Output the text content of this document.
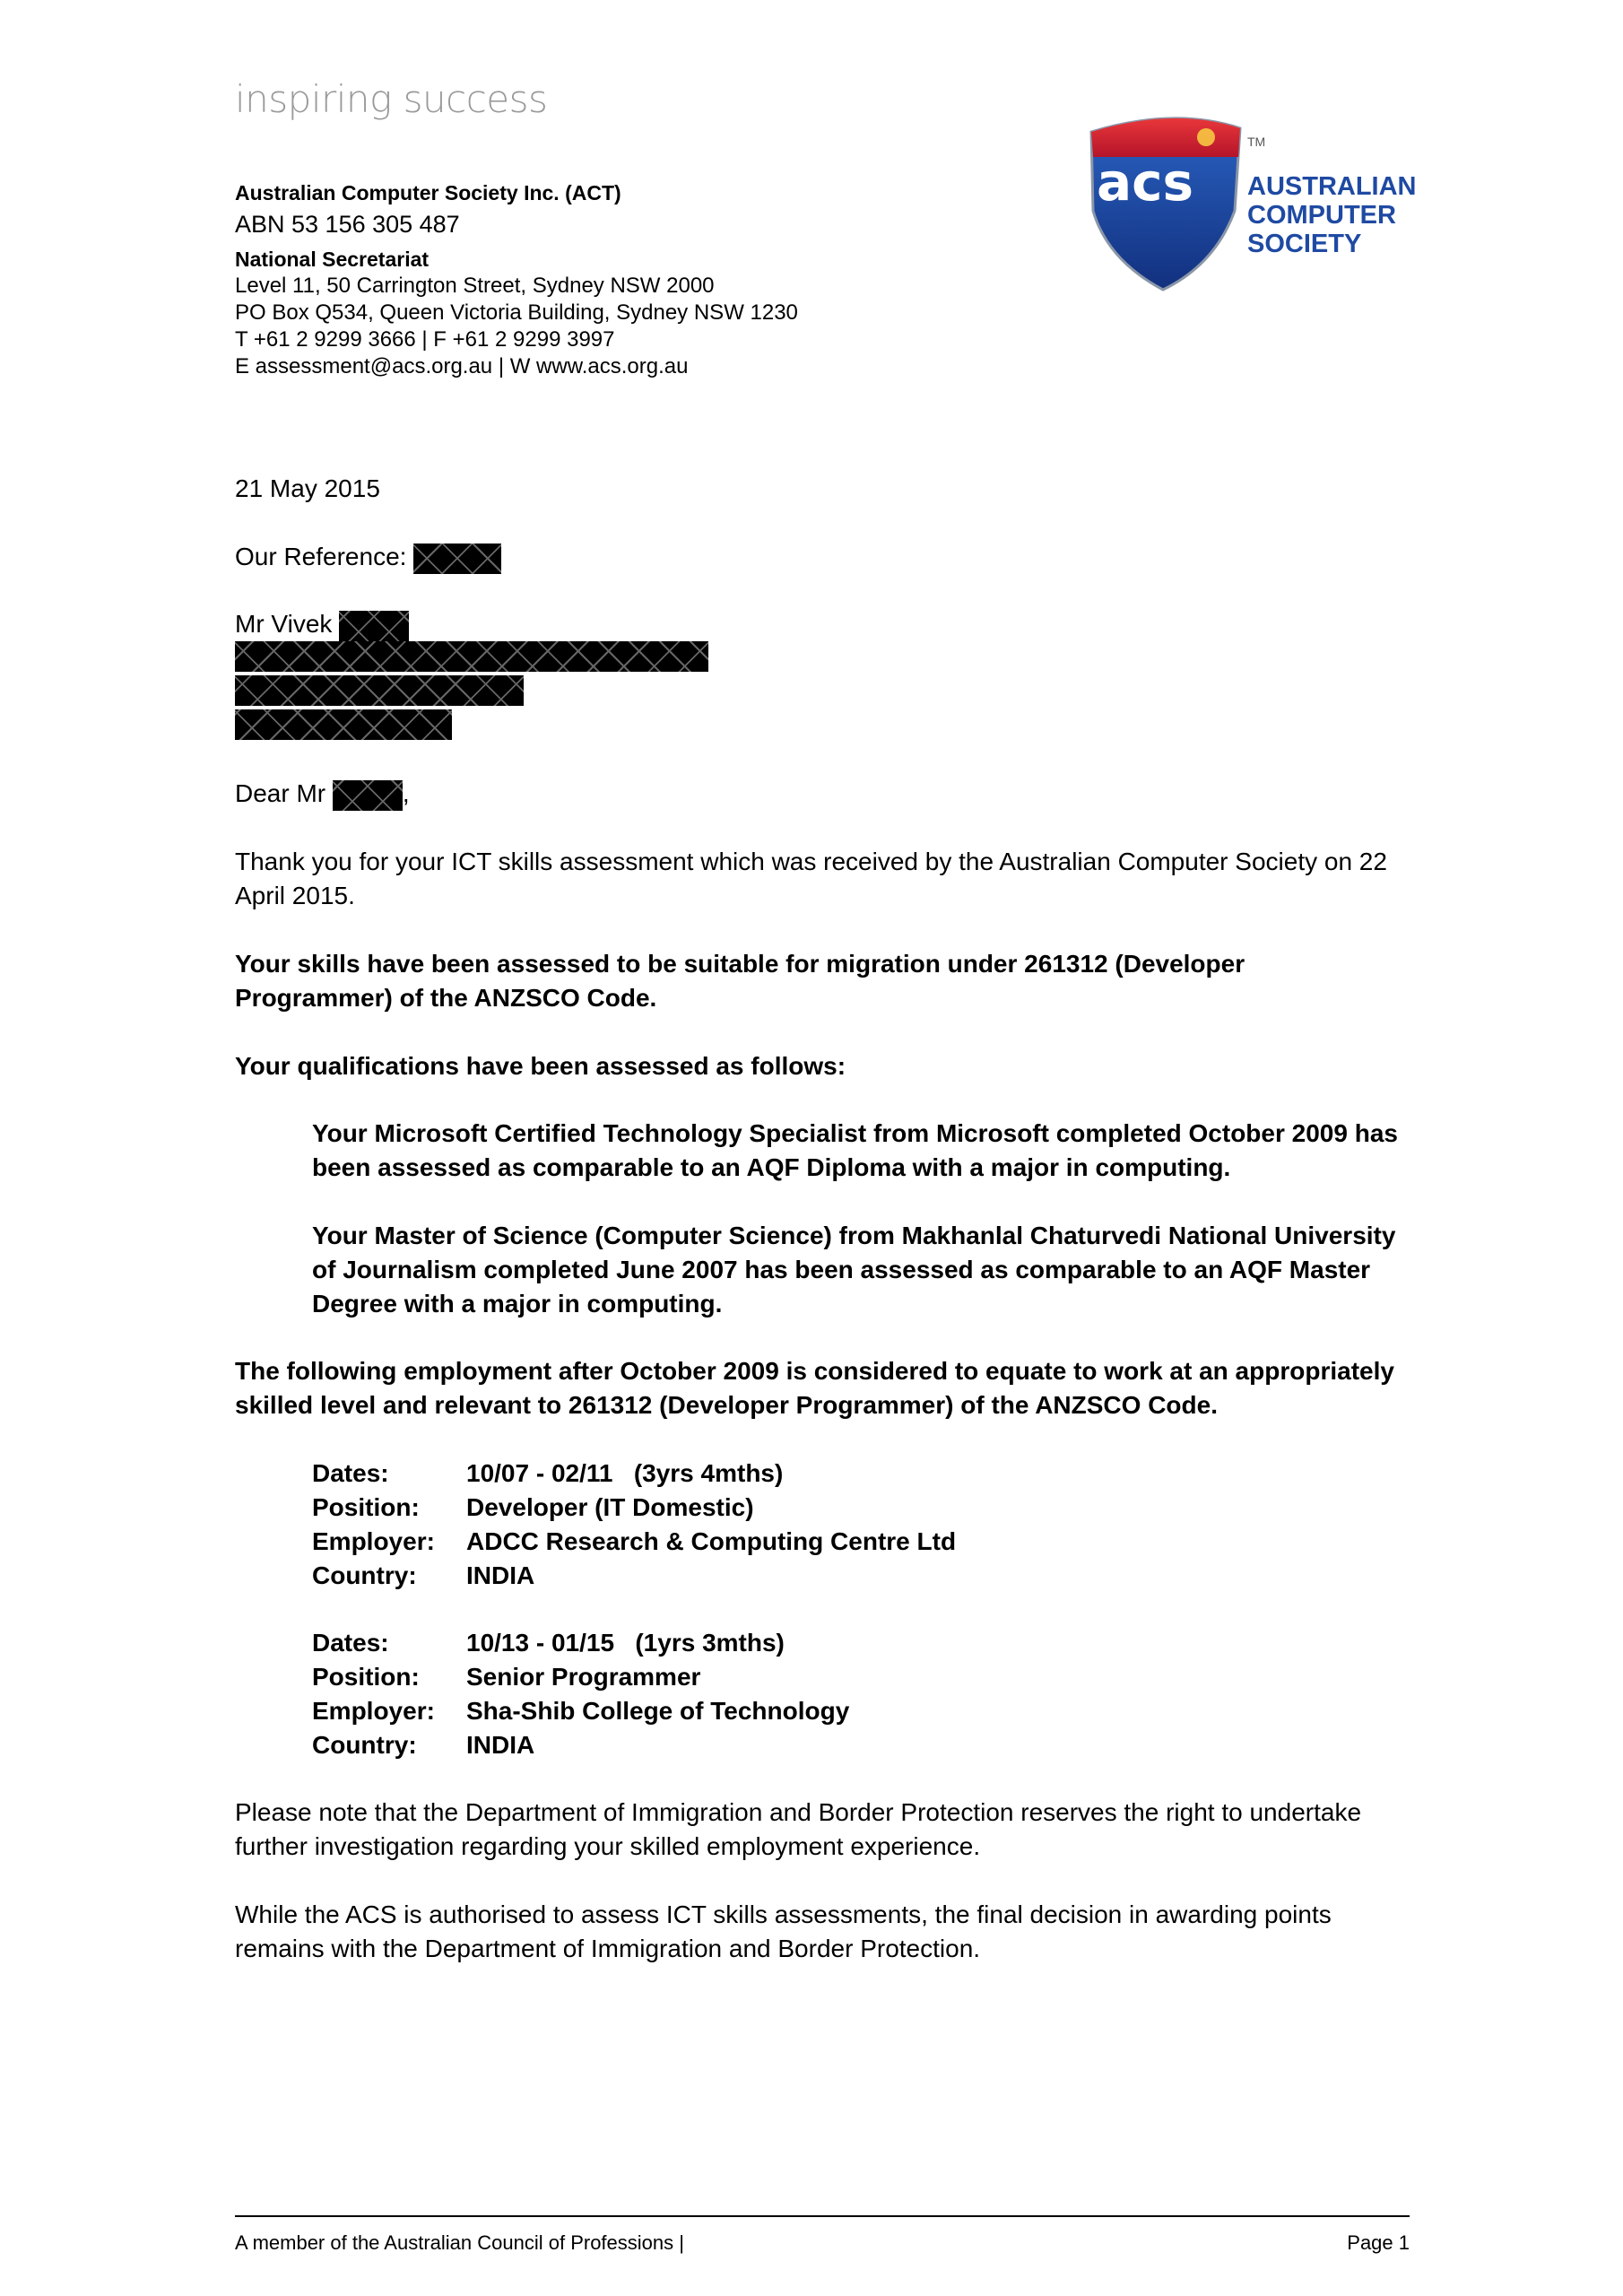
inspiring success
Australian Computer Society Inc. (ACT)
ABN 53 156 305 487
National Secretariat
Level 11, 50 Carrington Street, Sydney NSW 2000
PO Box Q534, Queen Victoria Building, Sydney NSW 1230
T +61 2 9299 3666 | F +61 2 9299 3997
E assessment@acs.org.au | W www.acs.org.au
acs
TM
AUSTRALIAN
COMPUTER
SOCIETY
21 May 2015
Our Reference:
Mr Vivek
Dear Mr	,
Thank you for your ICT skills assessment which was received by the Australian Computer Society on 22 April 2015.
Your skills have been assessed to be suitable for migration under 261312 (Developer Programmer) of the ANZSCO Code.
Your qualifications have been assessed as follows:
Your Microsoft Certified Technology Specialist from Microsoft completed October 2009 has been assessed as comparable to an AQF Diploma with a major in computing.
Your Master of Science (Computer Science) from Makhanlal Chaturvedi National University of Journalism completed June 2007 has been assessed as comparable to an AQF Master Degree with a major in computing.
The following employment after October 2009 is considered to equate to work at an appropriately skilled level and relevant to 261312 (Developer Programmer) of the ANZSCO Code.
Dates:	10/07 - 02/11   (3yrs 4mths)
Position:	Developer (IT Domestic)
Employer:	ADCC Research & Computing Centre Ltd
Country:	INDIA
Dates:	10/13 - 01/15   (1yrs 3mths)
Position:	Senior Programmer
Employer:	Sha-Shib College of Technology
Country:	INDIA
Please note that the Department of Immigration and Border Protection reserves the right to undertake further investigation regarding your skilled employment experience.
While the ACS is authorised to assess ICT skills assessments, the final decision in awarding points remains with the Department of Immigration and Border Protection.
A member of the Australian Council of Professions |	Page 1
